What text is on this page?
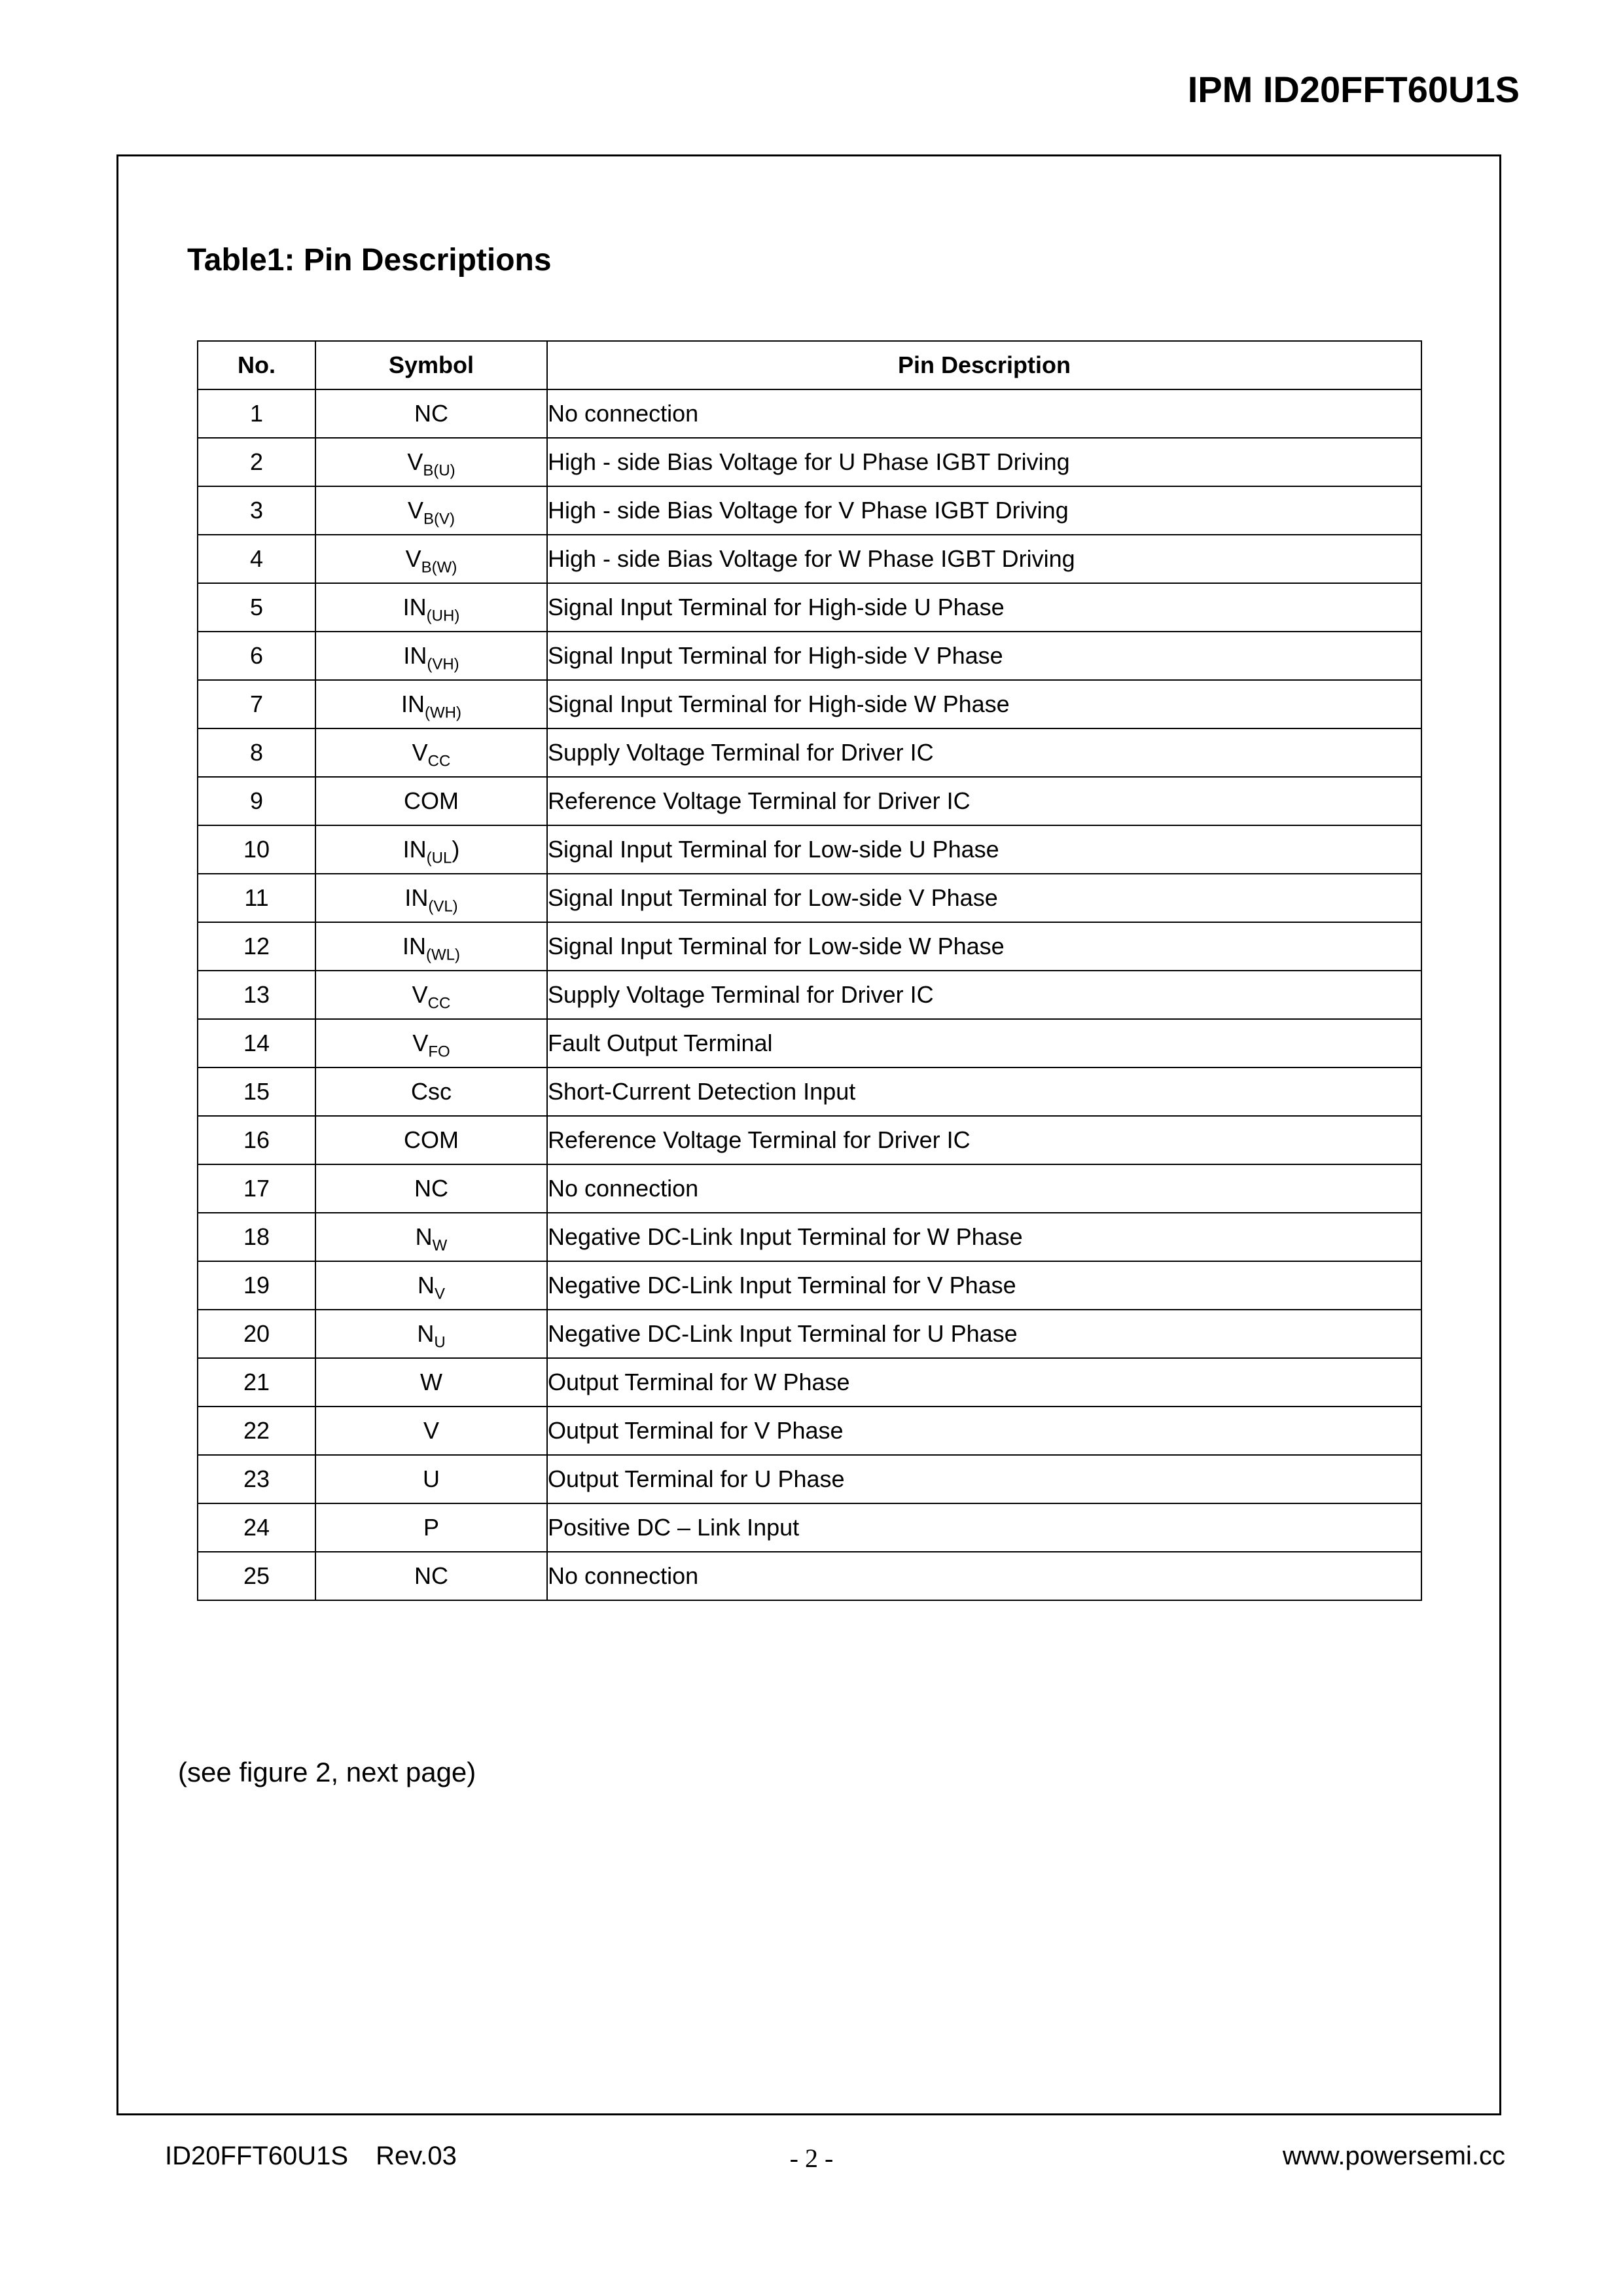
IPM ID20FFT60U1S
Table1: Pin Descriptions
No.	Symbol	Pin Description
1	NC	No connection
2	$V_{B(U)}$	High - side Bias Voltage for U Phase IGBT Driving
3	$V_{B(V)}$	High - side Bias Voltage for V Phase IGBT Driving
4	$V_{B(W)}$	High - side Bias Voltage for W Phase IGBT Driving
5	$IN_{(UH)}$	Signal Input Terminal for High-side U Phase
6	$IN_{(VH)}$	Signal Input Terminal for High-side V Phase
7	$IN_{(WH)}$	Signal Input Terminal for High-side W Phase
8	$V_{CC}$	Supply Voltage Terminal for Driver IC
9	COM	Reference Voltage Terminal for Driver IC
10	$IN_{(UL}$)	Signal Input Terminal for Low-side U Phase
11	$IN_{(VL)}$	Signal Input Terminal for Low-side V Phase
12	$IN_{(WL)}$	Signal Input Terminal for Low-side W Phase
13	$V_{CC}$	Supply Voltage Terminal for Driver IC
14	$V_{FO}$	Fault Output Terminal
15	Csc	Short-Current Detection Input
16	COM	Reference Voltage Terminal for Driver IC
17	NC	No connection
18	$N_W$	Negative DC-Link Input Terminal for W Phase
19	$N_V$	Negative DC-Link Input Terminal for V Phase
20	$N_U$	Negative DC-Link Input Terminal for U Phase
21	W	Output Terminal for W Phase
22	V	Output Terminal for V Phase
23	U	Output Terminal for U Phase
24	P	Positive DC – Link Input
25	NC	No connection
(see figure 2, next page)
ID20FFT60U1S Rev.03	- 2 -	www.powersemi.cc
